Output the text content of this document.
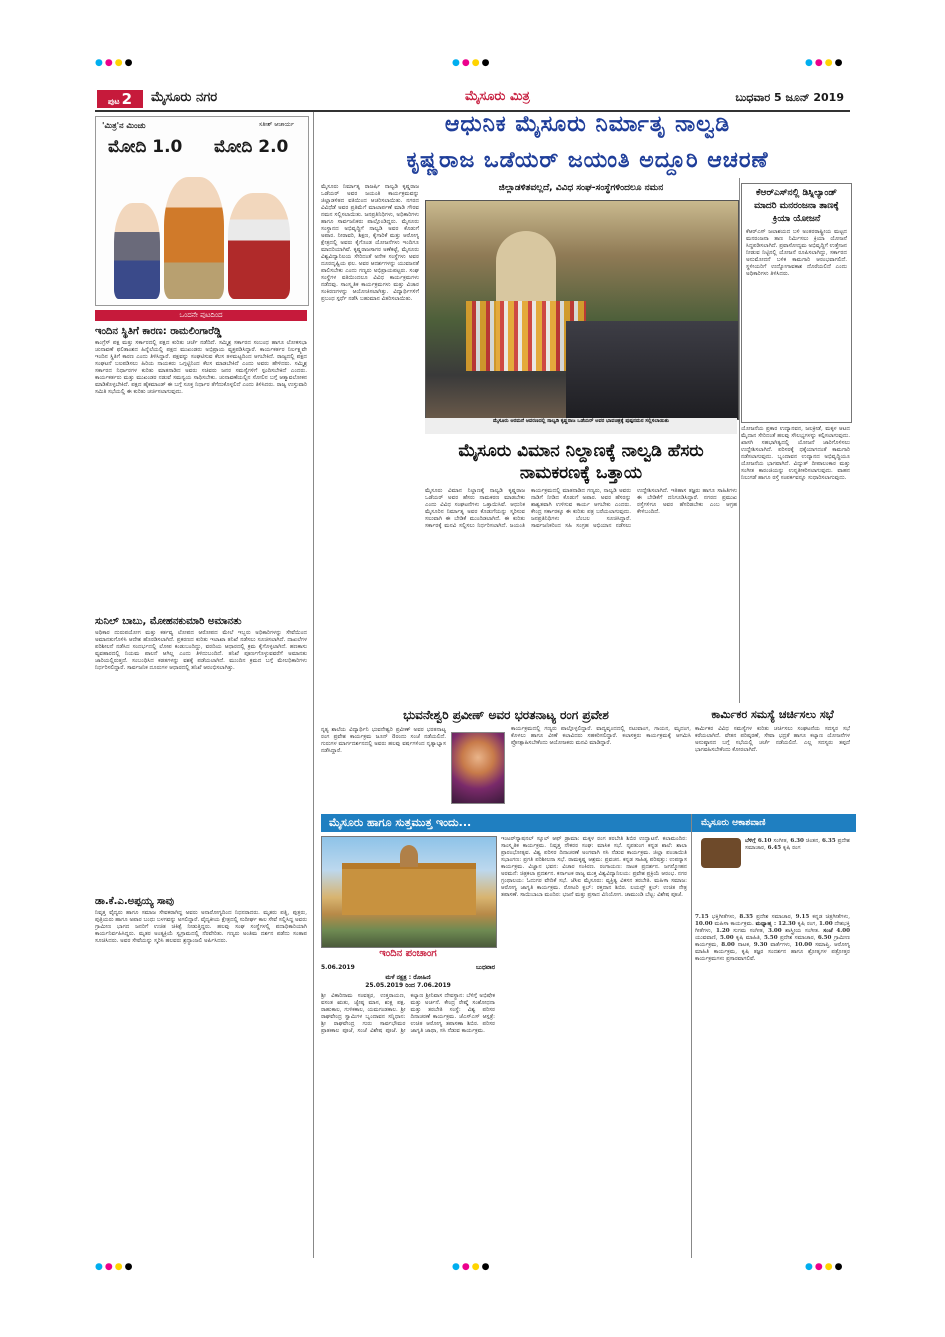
ಪುಟ 2	ಮೈಸೂರು ನಗರ	ಮೈಸೂರು ಮಿತ್ರ	ಬುಧವಾರ 5 ಜೂನ್ 2019
'ಮಿತ್ರ'ನ ಮಿಂಚು	ಸತೀಶ್ ಆಚಾರ್ಯ
ಮೋದಿ 1.0 ಮೋದಿ 2.0
ಒಂದನೇ ಪುಟದಿಂದ
ಇಂದಿನ ಸ್ಥಿತಿಗೆ ಕಾರಣ: ರಾಮಲಿಂಗಾರೆಡ್ಡಿ
ಕಾಂಗ್ರೆಸ್ ಪಕ್ಷ ಮತ್ತು ಸರ್ಕಾರದಲ್ಲಿ ಪಕ್ಷದ ಕುರಿತು ಚರ್ಚೆ ನಡೆದಿದೆ. ಸಮ್ಮಿಶ್ರ ಸರ್ಕಾರದ ಸಂಬಂಧ ಹಾಗೂ ಲೋಕಸಭಾ ಚುನಾವಣೆ ಫಲಿತಾಂಶದ ಹಿನ್ನೆಲೆಯಲ್ಲಿ ಪಕ್ಷದ ಮುಖಂಡರು ಅಭಿಪ್ರಾಯ ವ್ಯಕ್ತಪಡಿಸಿದ್ದಾರೆ. ಕಾರ್ಯಕರ್ತರ ನಿರ್ಲಕ್ಷ್ಯವೇ ಇಂದಿನ ಸ್ಥಿತಿಗೆ ಕಾರಣ ಎಂದು ತಿಳಿಸಿದ್ದಾರೆ. ಪಕ್ಷವನ್ನು ಸಂಘಟಿಸುವ ಕೆಲಸ ತಳಮಟ್ಟದಿಂದ ಆಗಬೇಕಿದೆ. ರಾಜ್ಯದಲ್ಲಿ ಪಕ್ಷದ ಸಂಘಟನೆ ಬಲಪಡಿಸಲು ಹಿರಿಯ ನಾಯಕರು ಒಗ್ಗಟ್ಟಿನಿಂದ ಕೆಲಸ ಮಾಡಬೇಕಿದೆ ಎಂದು ಅವರು ಹೇಳಿದರು. ಸಮ್ಮಿಶ್ರ ಸರ್ಕಾರದ ನಿರ್ಧಾರಗಳ ಕುರಿತು ಮಾತನಾಡಿದ ಅವರು ಸಚಿವರು ಜನರ ಸಮಸ್ಯೆಗಳಿಗೆ ಸ್ಪಂದಿಸಬೇಕಿದೆ ಎಂದರು. ಕಾರ್ಯಕರ್ತರು ಮತ್ತು ಮುಖಂಡರ ನಡುವೆ ಸಮನ್ವಯ ಸಾಧಿಸಬೇಕು. ಚುನಾವಣೆಯಲ್ಲಿನ ಸೋಲಿನ ಬಗ್ಗೆ ಆತ್ಮಾವಲೋಕನ ಮಾಡಿಕೊಳ್ಳಬೇಕಿದೆ. ಪಕ್ಷದ ಹೈಕಮಾಂಡ್ ಈ ಬಗ್ಗೆ ಸೂಕ್ತ ನಿರ್ಧಾರ ತೆಗೆದುಕೊಳ್ಳಲಿದೆ ಎಂದು ತಿಳಿಸಿದರು. ರಾಜ್ಯ ಉಸ್ತುವಾರಿ ಸಮಿತಿ ಸಭೆಯಲ್ಲಿ ಈ ಕುರಿತು ಚರ್ಚಿಸಲಾಗುವುದು.
ಸುನಿಲ್ ಬಾಬು, ಮೋಹನಕುಮಾರಿ ಅಮಾನತು
ಅಧಿಕಾರ ದುರುಪಯೋಗ ಮತ್ತು ಕರ್ತವ್ಯ ಲೋಪದ ಆರೋಪದ ಮೇಲೆ ಇಬ್ಬರು ಅಧಿಕಾರಿಗಳನ್ನು ಸೇವೆಯಿಂದ ಅಮಾನತುಗೊಳಿಸಿ ಆದೇಶ ಹೊರಡಿಸಲಾಗಿದೆ. ಪ್ರಕರಣದ ಕುರಿತು ಇಲಾಖಾ ತನಿಖೆ ನಡೆಸಲು ಸೂಚಿಸಲಾಗಿದೆ. ದಾಖಲೆಗಳ ಪರಿಶೀಲನೆ ನಡೆಸಿದ ಸಂದರ್ಭದಲ್ಲಿ ಲೋಪ ಕಂಡುಬಂದಿದ್ದು, ವರದಿಯ ಆಧಾರದಲ್ಲಿ ಕ್ರಮ ಕೈಗೊಳ್ಳಲಾಗಿದೆ. ಹಣಕಾಸು ವ್ಯವಹಾರದಲ್ಲಿ ನಿಯಮ ಪಾಲನೆ ಆಗಿಲ್ಲ ಎಂದು ತಿಳಿದುಬಂದಿದೆ. ತನಿಖೆ ಪೂರ್ಣಗೊಳ್ಳುವವರೆಗೆ ಅಮಾನತು ಜಾರಿಯಲ್ಲಿರುತ್ತದೆ. ಸಂಬಂಧಿಸಿದ ಕಡತಗಳನ್ನು ವಶಕ್ಕೆ ಪಡೆಯಲಾಗಿದೆ. ಮುಂದಿನ ಕ್ರಮದ ಬಗ್ಗೆ ಮೇಲಧಿಕಾರಿಗಳು ನಿರ್ಧರಿಸಲಿದ್ದಾರೆ. ಸಾರ್ವಜನಿಕ ದೂರುಗಳ ಆಧಾರದಲ್ಲಿ ತನಿಖೆ ಆರಂಭಿಸಲಾಗಿತ್ತು.
ಡಾ.ಕೆ.ಎ.ಅಪ್ಪಯ್ಯ ಸಾವು
ನಿವೃತ್ತ ವೈದ್ಯರು ಹಾಗೂ ಸಮಾಜ ಸೇವಕರಾಗಿದ್ದ ಅವರು ಅನಾರೋಗ್ಯದಿಂದ ನಿಧನರಾದರು. ಮೃತರು ಪತ್ನಿ, ಪುತ್ರರು, ಪುತ್ರಿಯರು ಹಾಗೂ ಅಪಾರ ಬಂಧು ಬಳಗವನ್ನು ಅಗಲಿದ್ದಾರೆ. ವೈದ್ಯಕೀಯ ಕ್ಷೇತ್ರದಲ್ಲಿ ಸುದೀರ್ಘ ಕಾಲ ಸೇವೆ ಸಲ್ಲಿಸಿದ್ದ ಅವರು ಗ್ರಾಮೀಣ ಭಾಗದ ಜನರಿಗೆ ಉಚಿತ ಚಿಕಿತ್ಸೆ ನೀಡುತ್ತಿದ್ದರು. ಹಲವು ಸಂಘ ಸಂಸ್ಥೆಗಳಲ್ಲಿ ಪದಾಧಿಕಾರಿಯಾಗಿ ಕಾರ್ಯನಿರ್ವಹಿಸಿದ್ದರು. ಮೃತರ ಅಂತ್ಯಕ್ರಿಯೆ ಸ್ವಗ್ರಾಮದಲ್ಲಿ ನೆರವೇರಿತು. ಗಣ್ಯರು ಅಂತಿಮ ದರ್ಶನ ಪಡೆದು ಸಂತಾಪ ಸೂಚಿಸಿದರು. ಅವರ ಸೇವೆಯನ್ನು ಸ್ಮರಿಸಿ ಹಲವರು ಶ್ರದ್ಧಾಂಜಲಿ ಅರ್ಪಿಸಿದರು.
ಆಧುನಿಕ ಮೈಸೂರು ನಿರ್ಮಾತೃ ನಾಲ್ವಡಿ
ಕೃಷ್ಣರಾಜ ಒಡೆಯರ್ ಜಯಂತಿ ಅದ್ದೂರಿ ಆಚರಣೆ
ಮೈಸೂರು ನಿರ್ಮಾತೃ ರಾಜರ್ಷಿ ನಾಲ್ವಡಿ ಕೃಷ್ಣರಾಜ ಒಡೆಯರ್ ಅವರ ಜಯಂತಿ ಕಾರ್ಯಕ್ರಮವನ್ನು ಜಿಲ್ಲಾಡಳಿತದ ವತಿಯಿಂದ ಆಚರಿಸಲಾಯಿತು. ನಗರದ ವಿವಿಧೆಡೆ ಅವರ ಪ್ರತಿಮೆಗೆ ಮಾಲಾರ್ಪಣೆ ಮಾಡಿ ಗೌರವ ನಮನ ಸಲ್ಲಿಸಲಾಯಿತು. ಜನಪ್ರತಿನಿಧಿಗಳು, ಅಧಿಕಾರಿಗಳು ಹಾಗೂ ಸಾರ್ವಜನಿಕರು ಪಾಲ್ಗೊಂಡಿದ್ದರು. ಮೈಸೂರು ಸಂಸ್ಥಾನದ ಅಭಿವೃದ್ಧಿಗೆ ನಾಲ್ವಡಿ ಅವರ ಕೊಡುಗೆ ಅಪಾರ. ನೀರಾವರಿ, ಶಿಕ್ಷಣ, ಕೈಗಾರಿಕೆ ಮತ್ತು ಆರೋಗ್ಯ ಕ್ಷೇತ್ರದಲ್ಲಿ ಅವರು ಕೈಗೊಂಡ ಯೋಜನೆಗಳು ಇಂದಿಗೂ ಮಾದರಿಯಾಗಿವೆ. ಕೃಷ್ಣರಾಜಸಾಗರ ಅಣೆಕಟ್ಟೆ, ಮೈಸೂರು ವಿಶ್ವವಿದ್ಯಾನಿಲಯ ಸೇರಿದಂತೆ ಅನೇಕ ಸಂಸ್ಥೆಗಳು ಅವರ ದೂರದೃಷ್ಟಿಯ ಫಲ. ಅವರ ಆದರ್ಶಗಳನ್ನು ಯುವಜನತೆ ಪಾಲಿಸಬೇಕು ಎಂದು ಗಣ್ಯರು ಅಭಿಪ್ರಾಯಪಟ್ಟರು. ಸಂಘ ಸಂಸ್ಥೆಗಳ ವತಿಯಿಂದಲೂ ವಿವಿಧ ಕಾರ್ಯಕ್ರಮಗಳು ನಡೆದವು. ಸಾಂಸ್ಕೃತಿಕ ಕಾರ್ಯಕ್ರಮಗಳು ಮತ್ತು ವಿಚಾರ ಸಂಕಿರಣಗಳನ್ನು ಆಯೋಜಿಸಲಾಗಿತ್ತು. ವಿದ್ಯಾರ್ಥಿಗಳಿಗೆ ಪ್ರಬಂಧ ಸ್ಪರ್ಧೆ ನಡೆಸಿ ಬಹುಮಾನ ವಿತರಿಸಲಾಯಿತು.
ಜಿಲ್ಲಾಡಳಿತವಲ್ಲದೆ, ವಿವಿಧ ಸಂಘ-ಸಂಸ್ಥೆಗಳಿಂದಲೂ ನಮನ
ಮೈಸೂರು ಅರಮನೆ ಆವರಣದಲ್ಲಿ ನಾಲ್ವಡಿ ಕೃಷ್ಣರಾಜ ಒಡೆಯರ್ ಅವರ ಭಾವಚಿತ್ರಕ್ಕೆ ಪುಷ್ಪನಮನ ಸಲ್ಲಿಸಲಾಯಿತು
ಕೆಆರ್‌ಎಸ್‌ನಲ್ಲಿ ಡಿಸ್ನಿಲ್ಯಾಂಡ್ ಮಾದರಿ ಮನರಂಜನಾ ತಾಣಕ್ಕೆ ಕ್ರಿಯಾ ಯೋಜನೆ
ಕೆಆರ್‌ಎಸ್ ಜಲಾಶಯದ ಬಳಿ ಅಂತರರಾಷ್ಟ್ರೀಯ ಮಟ್ಟದ ಮನರಂಜನಾ ತಾಣ ನಿರ್ಮಿಸಲು ಕ್ರಿಯಾ ಯೋಜನೆ ಸಿದ್ಧಪಡಿಸಲಾಗಿದೆ. ಪ್ರವಾಸೋದ್ಯಮ ಅಭಿವೃದ್ಧಿಗೆ ಉತ್ತೇಜನ ನೀಡುವ ನಿಟ್ಟಿನಲ್ಲಿ ಯೋಜನೆ ರೂಪಿಸಲಾಗಿದ್ದು, ಸರ್ಕಾರದ ಅನುಮೋದನೆ ಬಳಿಕ ಕಾಮಗಾರಿ ಆರಂಭವಾಗಲಿದೆ. ಸ್ಥಳೀಯರಿಗೆ ಉದ್ಯೋಗಾವಕಾಶ ದೊರೆಯಲಿದೆ ಎಂದು ಅಧಿಕಾರಿಗಳು ತಿಳಿಸಿದರು.
ಯೋಜನೆಯ ಪ್ರಕಾರ ಉದ್ಯಾನವನ, ಜಲಕ್ರೀಡೆ, ಮಕ್ಕಳ ಆಟದ ಮೈದಾನ ಸೇರಿದಂತೆ ಹಲವು ಸೌಲಭ್ಯಗಳನ್ನು ಕಲ್ಪಿಸಲಾಗುವುದು. ಖಾಸಗಿ ಸಹಭಾಗಿತ್ವದಲ್ಲಿ ಯೋಜನೆ ಜಾರಿಗೊಳಿಸಲು ಉದ್ದೇಶಿಸಲಾಗಿದೆ. ಪರಿಸರಕ್ಕೆ ಧಕ್ಕೆಯಾಗದಂತೆ ಕಾಮಗಾರಿ ನಡೆಸಲಾಗುವುದು. ಬೃಂದಾವನ ಉದ್ಯಾನದ ಅಭಿವೃದ್ಧಿಯೂ ಯೋಜನೆಯ ಭಾಗವಾಗಿದೆ. ವಿದ್ಯುತ್ ದೀಪಾಲಂಕಾರ ಮತ್ತು ಸಂಗೀತ ಕಾರಂಜಿಯನ್ನು ಉನ್ನತೀಕರಿಸಲಾಗುವುದು. ವಾಹನ ನಿಲುಗಡೆ ಹಾಗೂ ರಸ್ತೆ ಸಂಪರ್ಕವನ್ನೂ ಸುಧಾರಿಸಲಾಗುವುದು.
ಮೈಸೂರು ವಿಮಾನ ನಿಲ್ದಾಣಕ್ಕೆ ನಾಲ್ವಡಿ ಹೆಸರು ನಾಮಕರಣಕ್ಕೆ ಒತ್ತಾಯ
ಮೈಸೂರು ವಿಮಾನ ನಿಲ್ದಾಣಕ್ಕೆ ನಾಲ್ವಡಿ ಕೃಷ್ಣರಾಜ ಒಡೆಯರ್ ಅವರ ಹೆಸರು ನಾಮಕರಣ ಮಾಡಬೇಕು ಎಂದು ವಿವಿಧ ಸಂಘಟನೆಗಳು ಒತ್ತಾಯಿಸಿವೆ. ಆಧುನಿಕ ಮೈಸೂರಿನ ನಿರ್ಮಾತೃ ಅವರ ಕೊಡುಗೆಯನ್ನು ಸ್ಮರಿಸುವ ಸಲುವಾಗಿ ಈ ಬೇಡಿಕೆ ಮುಂದಿಡಲಾಗಿದೆ. ಈ ಕುರಿತು ಸರ್ಕಾರಕ್ಕೆ ಮನವಿ ಸಲ್ಲಿಸಲು ನಿರ್ಧರಿಸಲಾಗಿದೆ. ಜಯಂತಿ ಕಾರ್ಯಕ್ರಮದಲ್ಲಿ ಮಾತನಾಡಿದ ಗಣ್ಯರು, ನಾಲ್ವಡಿ ಅವರು ನಾಡಿಗೆ ನೀಡಿದ ಕೊಡುಗೆ ಅಪಾರ. ಅವರ ಹೆಸರನ್ನು ಶಾಶ್ವತವಾಗಿ ಉಳಿಸುವ ಕಾರ್ಯ ಆಗಬೇಕು ಎಂದರು. ಕೇಂದ್ರ ಸರ್ಕಾರಕ್ಕೂ ಈ ಕುರಿತು ಪತ್ರ ಬರೆಯಲಾಗುವುದು. ಜನಪ್ರತಿನಿಧಿಗಳು ಬೆಂಬಲ ಸೂಚಿಸಿದ್ದಾರೆ. ಸಾರ್ವಜನಿಕರಿಂದ ಸಹಿ ಸಂಗ್ರಹ ಅಭಿಯಾನ ನಡೆಸಲು ಉದ್ದೇಶಿಸಲಾಗಿದೆ. ಇತಿಹಾಸ ತಜ್ಞರು ಹಾಗೂ ಸಾಹಿತಿಗಳು ಈ ಬೇಡಿಕೆಗೆ ದನಿಗೂಡಿಸಿದ್ದಾರೆ. ನಗರದ ಪ್ರಮುಖ ರಸ್ತೆಗಳಿಗೂ ಅವರ ಹೆಸರಿಡಬೇಕು ಎಂಬ ಆಗ್ರಹ ಕೇಳಿಬಂದಿದೆ.
ಭುವನೇಶ್ವರಿ ಪ್ರವೀಣ್ ಅವರ ಭರತನಾಟ್ಯ ರಂಗ ಪ್ರವೇಶ
ನೃತ್ಯ ಶಾಲೆಯ ವಿದ್ಯಾರ್ಥಿನಿ ಭುವನೇಶ್ವರಿ ಪ್ರವೀಣ್ ಅವರ ಭರತನಾಟ್ಯ ರಂಗ ಪ್ರವೇಶ ಕಾರ್ಯಕ್ರಮ ಜೂನ್ 8ರಂದು ಸಂಜೆ ನಡೆಯಲಿದೆ. ಗುರುಗಳ ಮಾರ್ಗದರ್ಶನದಲ್ಲಿ ಅವರು ಹಲವು ವರ್ಷಗಳಿಂದ ನೃತ್ಯಾಭ್ಯಾಸ ನಡೆಸಿದ್ದಾರೆ.
ಕಾರ್ಯಕ್ರಮದಲ್ಲಿ ಗಣ್ಯರು ಪಾಲ್ಗೊಳ್ಳಲಿದ್ದಾರೆ. ವಾದ್ಯವೃಂದದಲ್ಲಿ ನಟುವಾಂಗ, ಗಾಯನ, ಮೃದಂಗ, ಕೊಳಲು ಹಾಗೂ ವೀಣೆ ಕಲಾವಿದರು ಸಹಕರಿಸಲಿದ್ದಾರೆ. ಕಲಾಸಕ್ತರು ಕಾರ್ಯಕ್ರಮಕ್ಕೆ ಆಗಮಿಸಿ ಪ್ರೋತ್ಸಾಹಿಸಬೇಕೆಂದು ಆಯೋಜಕರು ಮನವಿ ಮಾಡಿದ್ದಾರೆ.
ಕಾರ್ಮಿಕರ ಸಮಸ್ಯೆ ಚರ್ಚಿಸಲು ಸಭೆ
ಕಾರ್ಮಿಕರ ವಿವಿಧ ಸಮಸ್ಯೆಗಳ ಕುರಿತು ಚರ್ಚಿಸಲು ಸಂಘಟನೆಯ ಸದಸ್ಯರ ಸಭೆ ಕರೆಯಲಾಗಿದೆ. ವೇತನ ಪರಿಷ್ಕರಣೆ, ಸೇವಾ ಭದ್ರತೆ ಹಾಗೂ ಕಲ್ಯಾಣ ಯೋಜನೆಗಳ ಅನುಷ್ಠಾನದ ಬಗ್ಗೆ ಸಭೆಯಲ್ಲಿ ಚರ್ಚೆ ನಡೆಯಲಿದೆ. ಎಲ್ಲ ಸದಸ್ಯರು ತಪ್ಪದೆ ಭಾಗವಹಿಸಬೇಕೆಂದು ಕೋರಲಾಗಿದೆ.
ಮೈಸೂರು ಹಾಗೂ ಸುತ್ತಮುತ್ತ ಇಂದು...	ಮೈಸೂರು ಆಕಾಶವಾಣಿ
ಇಂದಿನ ಪಂಚಾಂಗ
5.06.2019	ಬುಧವಾರ
ಮಳೆ ನಕ್ಷತ್ರ : ರೋಹಿಣಿ
25.05.2019 ರಿಂದ 7.06.2019
ಶ್ರೀ ವಿಕಾರಿನಾಮ ಸಂವತ್ಸರ, ಉತ್ತರಾಯಣ, ವಸಂತ ಋತು, ಜ್ಯೇಷ್ಠ ಮಾಸ, ಶುಕ್ಲ ಪಕ್ಷ. ರಾಹುಕಾಲ, ಗುಳಿಕಕಾಲ, ಯಮಗಂಡಕಾಲ. ಶ್ರೀ ರಾಘವೇಂದ್ರ ಸ್ವಾಮಿಗಳ ಬೃಂದಾವನ ಸನ್ನಿಧಾನ: ಶ್ರೀ ರಾಘವೇಂದ್ರ ಗುರು ಸಾರ್ವಭೌಮರ ಪ್ರಾತಃಕಾಲ ಪೂಜೆ, ಸಂಜೆ ವಿಶೇಷ ಪೂಜೆ. ಶ್ರೀ ಕಲ್ಯಾಣ ಶ್ರೀನಿವಾಸ ದೇವಸ್ಥಾನ: ಬೆಳಿಗ್ಗೆ ಅಭಿಷೇಕ ಮತ್ತು ಅರ್ಚನೆ. ಕೇಂದ್ರ ರೇಷ್ಮೆ ಸಂಶೋಧನಾ ಮತ್ತು ತರಬೇತಿ ಸಂಸ್ಥೆ: ವಿಶ್ವ ಪರಿಸರ ದಿನಾಚರಣೆ ಕಾರ್ಯಕ್ರಮ. ಜೆಎಸ್‌ಎಸ್ ಆಸ್ಪತ್ರೆ: ಉಚಿತ ಆರೋಗ್ಯ ತಪಾಸಣಾ ಶಿಬಿರ. ಪರಿಸರ ಜಾಗೃತಿ ಜಾಥಾ, ಸಸಿ ನೆಡುವ ಕಾರ್ಯಕ್ರಮ.
ಇಂಟರ್‌ನ್ಯಾಷನಲ್ ಸ್ಕೂಲ್ ಆಫ್ ಡ್ರಾಮಾ: ಮಕ್ಕಳ ರಂಗ ತರಬೇತಿ ಶಿಬಿರ ಉದ್ಘಾಟನೆ. ಕಲಾಮಂದಿರ: ಸಾಂಸ್ಕೃತಿಕ ಕಾರ್ಯಕ್ರಮ. ನಿವೃತ್ತ ನೌಕರರ ಸಂಘ: ಮಾಸಿಕ ಸಭೆ. ನೃಪತುಂಗ ಕನ್ನಡ ಶಾಲೆ: ಶಾಲಾ ಪ್ರಾರಂಭೋತ್ಸವ. ವಿಶ್ವ ಪರಿಸರ ದಿನಾಚರಣೆ ಅಂಗವಾಗಿ ಸಸಿ ನೆಡುವ ಕಾರ್ಯಕ್ರಮ. ಜಿಲ್ಲಾ ಪಂಚಾಯಿತಿ ಸಭಾಂಗಣ: ಪ್ರಗತಿ ಪರಿಶೀಲನಾ ಸಭೆ. ರಾಮಕೃಷ್ಣ ಆಶ್ರಮ: ಪ್ರವಚನ. ಕನ್ನಡ ಸಾಹಿತ್ಯ ಪರಿಷತ್ತು: ಉಪನ್ಯಾಸ ಕಾರ್ಯಕ್ರಮ. ವಿಜ್ಞಾನ ಭವನ: ವಿಚಾರ ಸಂಕಿರಣ. ರಂಗಾಯಣ: ನಾಟಕ ಪ್ರದರ್ಶನ. ಜಗನ್ಮೋಹನ ಅರಮನೆ: ಚಿತ್ರಕಲಾ ಪ್ರದರ್ಶನ. ಕರ್ನಾಟಕ ರಾಜ್ಯ ಮುಕ್ತ ವಿಶ್ವವಿದ್ಯಾನಿಲಯ: ಪ್ರವೇಶ ಪ್ರಕ್ರಿಯೆ ಆರಂಭ. ನಗರ ಗ್ರಂಥಾಲಯ: ಓದುಗರ ವೇದಿಕೆ ಸಭೆ. ಜೆಸಿಐ ಮೈಸೂರು: ವ್ಯಕ್ತಿತ್ವ ವಿಕಸನ ತರಬೇತಿ. ಮಹಿಳಾ ಸಮಾಜ: ಆರೋಗ್ಯ ಜಾಗೃತಿ ಕಾರ್ಯಕ್ರಮ. ರೋಟರಿ ಕ್ಲಬ್: ರಕ್ತದಾನ ಶಿಬಿರ. ಲಯನ್ಸ್ ಕ್ಲಬ್: ಉಚಿತ ನೇತ್ರ ತಪಾಸಣೆ. ಸಾಯಿಬಾಬಾ ಮಂದಿರ: ಭಜನೆ ಮತ್ತು ಪ್ರಸಾದ ವಿನಿಯೋಗ. ಚಾಮುಂಡಿ ಬೆಟ್ಟ: ವಿಶೇಷ ಪೂಜೆ.
ಬೆಳಿಗ್ಗೆ 6.10 ಸಂಗೀತ, 6.30 ಚಿಂತನ, 6.35 ಪ್ರದೇಶ ಸಮಾಚಾರ, 6.45 ಕೃಷಿ ರಂಗ
7.15 ಭಕ್ತಿಗೀತೆಗಳು, 8.35 ಪ್ರದೇಶ ಸಮಾಚಾರ, 9.15 ಕನ್ನಡ ಚಿತ್ರಗೀತೆಗಳು, 10.00 ಮಹಿಳಾ ಕಾರ್ಯಕ್ರಮ. ಮಧ್ಯಾಹ್ನ : 12.30 ಕೃಷಿ ರಂಗ, 1.00 ದೇಶಭಕ್ತಿ ಗೀತೆಗಳು, 1.20 ಸುಗಮ ಸಂಗೀತ, 3.00 ಶಾಸ್ತ್ರೀಯ ಸಂಗೀತ. ಸಂಜೆ 4.00 ಯುವವಾಣಿ, 5.00 ಕೃಷಿ ಮಾಹಿತಿ, 5.50 ಪ್ರದೇಶ ಸಮಾಚಾರ, 6.50 ಗ್ರಾಮೀಣ ಕಾರ್ಯಕ್ರಮ, 8.00 ನಾಟಕ, 9.30 ವಾರ್ತೆಗಳು, 10.00 ಸಮಾಪ್ತಿ. ಆರೋಗ್ಯ ಮಾಹಿತಿ ಕಾರ್ಯಕ್ರಮ, ಕೃಷಿ ತಜ್ಞರ ಸಂದರ್ಶನ ಹಾಗೂ ಶ್ರೋತೃಗಳ ಪತ್ರೋತ್ತರ ಕಾರ್ಯಕ್ರಮಗಳು ಪ್ರಸಾರವಾಗಲಿವೆ.
●●●●	●●●●	●●●●
●●●●	●●●●	●●●●
